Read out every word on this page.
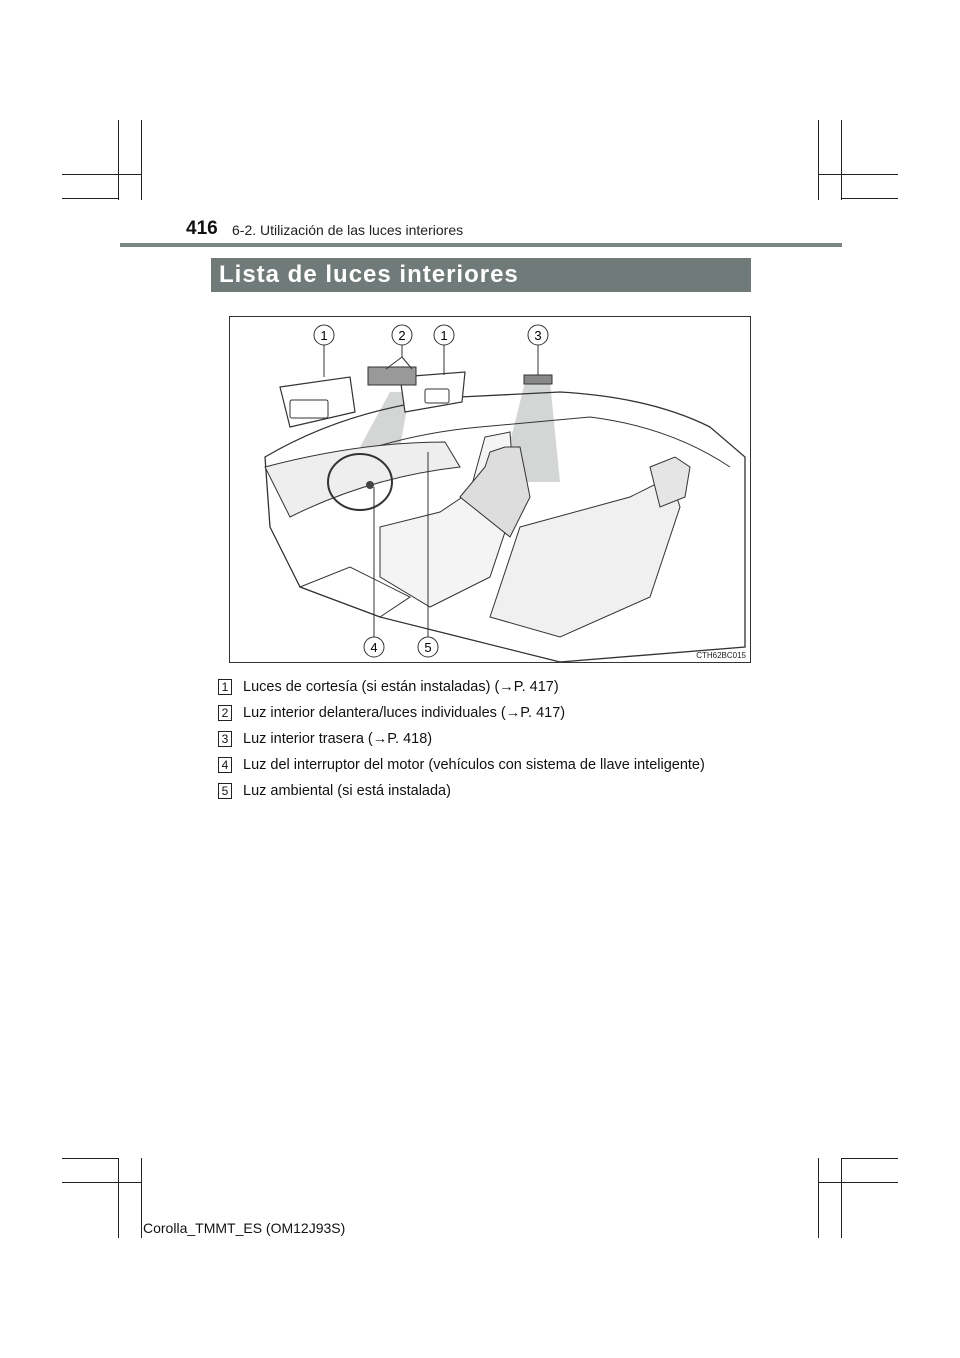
416 6-2. Utilización de las luces interiores
Lista de luces interiores
1	2	1	3
4	5
CTH62BC015
1 Luces de cortesía (si están instaladas) (→P. 417)
2 Luz interior delantera/luces individuales (→P. 417)
3 Luz interior trasera (→P. 418)
4 Luz del interruptor del motor (vehículos con sistema de llave inteligente)
5 Luz ambiental (si está instalada)
Corolla_TMMT_ES (OM12J93S)
